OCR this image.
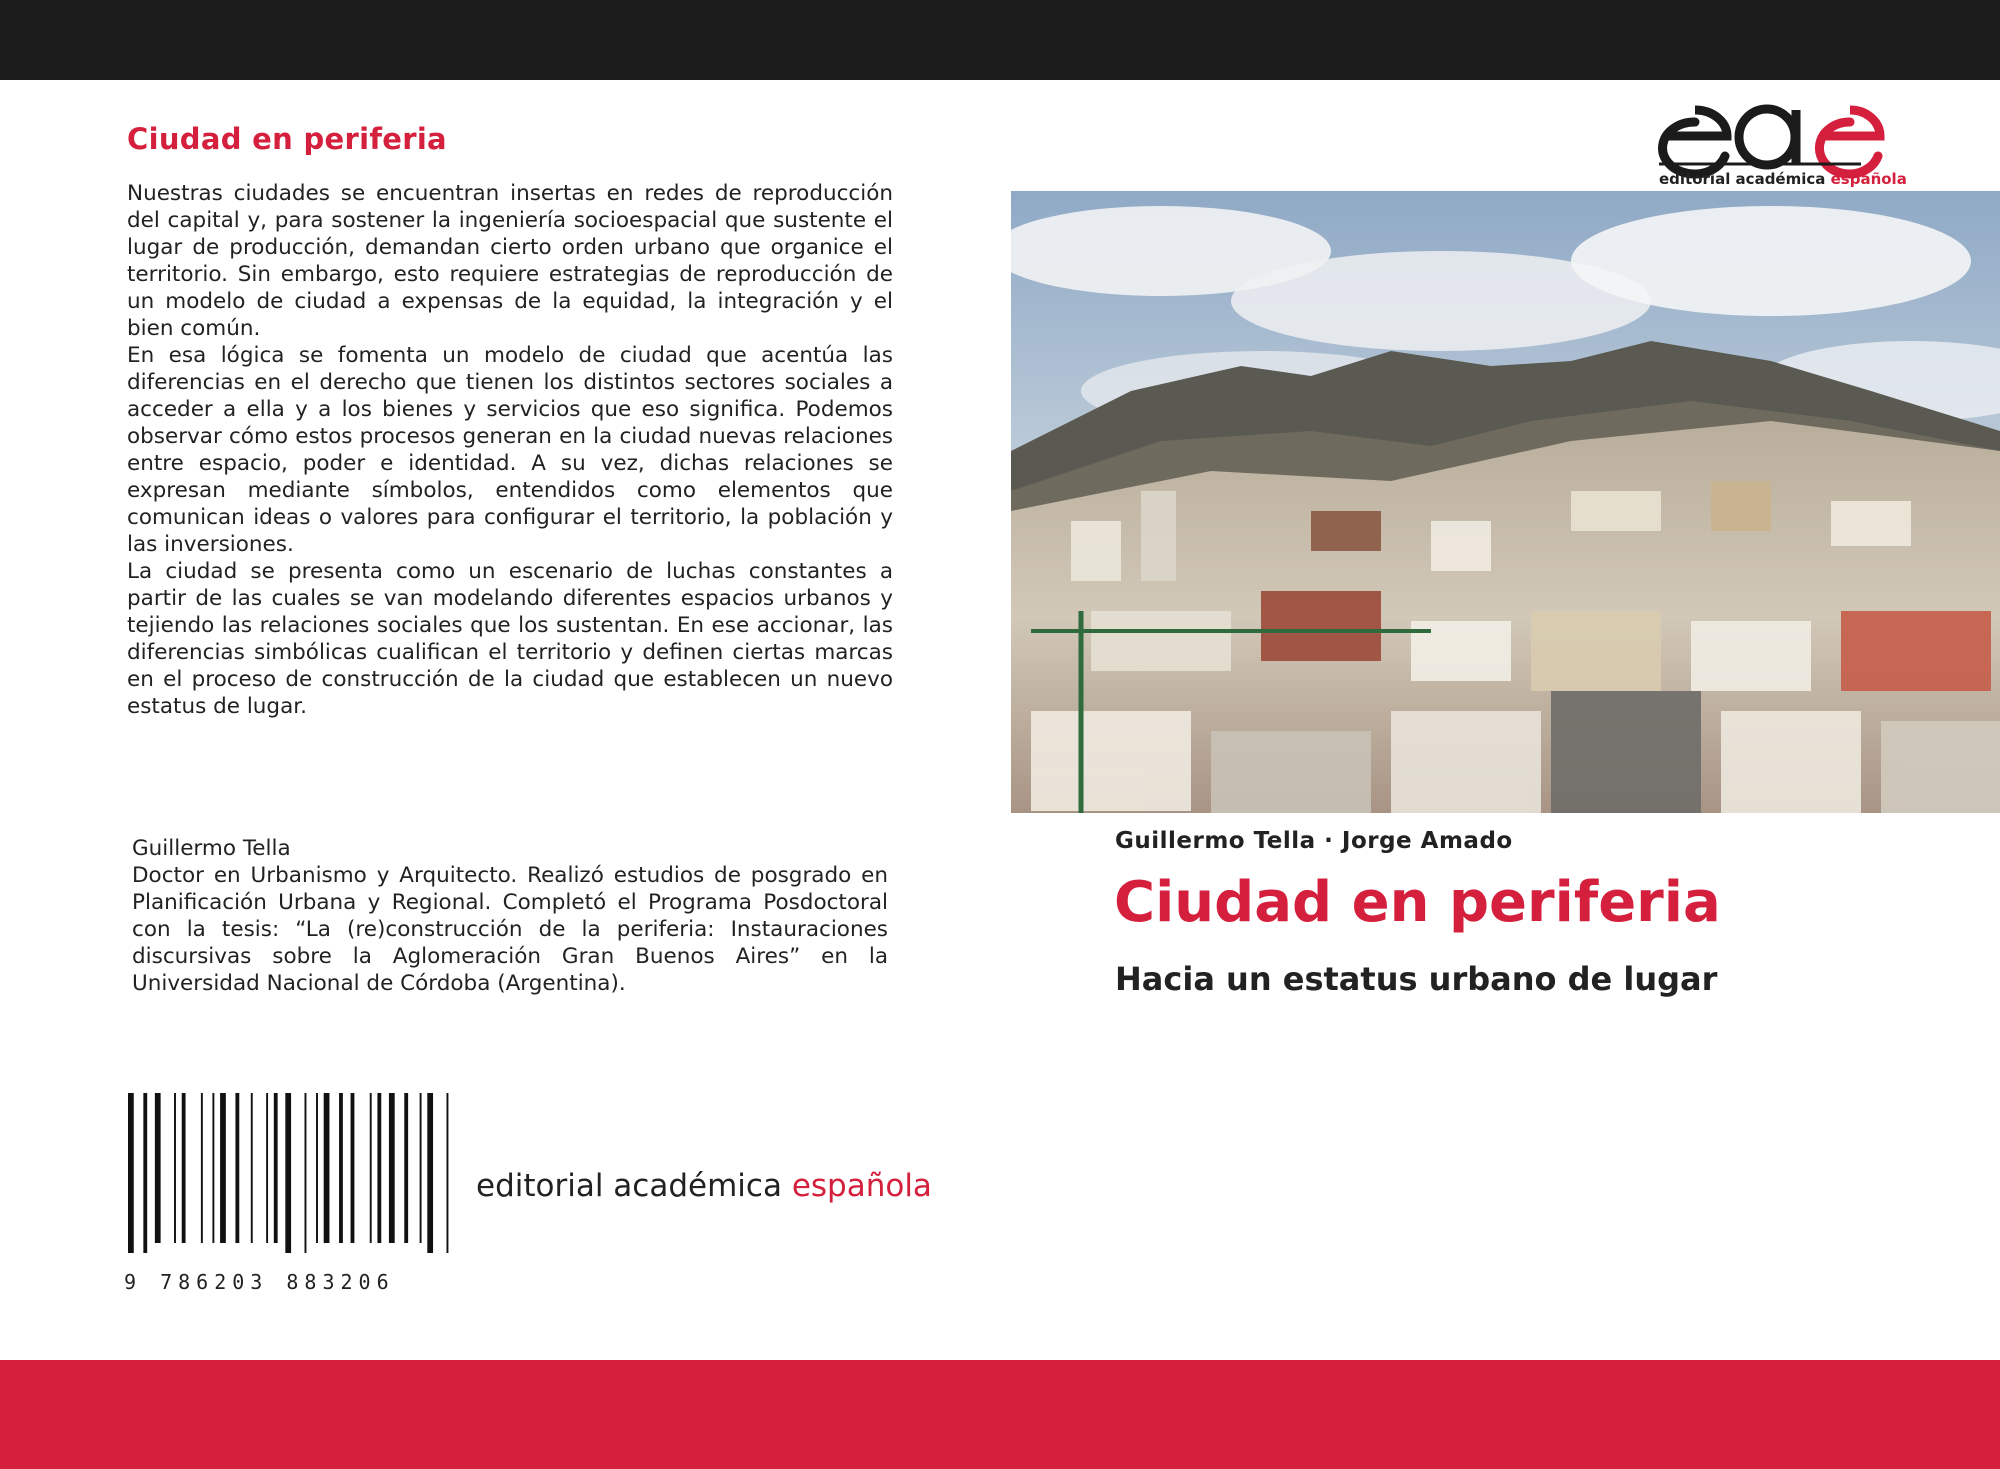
Ciudad en periferia

Nuestras ciudades se encuentran insertas en redes de reproducción del capital y, para sostener la ingeniería socioespacial que sustente el lugar de producción, demandan cierto orden urbano que organice el territorio. Sin embargo, esto requiere estrategias de reproducción de un modelo de ciudad a expensas de la equidad, la integración y el bien común.

En esa lógica se fomenta un modelo de ciudad que acentúa las diferencias en el derecho que tienen los distintos sectores sociales a acceder a ella y a los bienes y servicios que eso significa. Podemos observar cómo estos procesos generan en la ciudad nuevas relaciones entre espacio, poder e identidad. A su vez, dichas relaciones se expresan mediante símbolos, entendidos como elementos que comunican ideas o valores para configurar el territorio, la población y las inversiones.

La ciudad se presenta como un escenario de luchas constantes a partir de las cuales se van modelando diferentes espacios urbanos y tejiendo las relaciones sociales que los sustentan. En ese accionar, las diferencias simbólicas cualifican el territorio y definen ciertas marcas en el proceso de construcción de la ciudad que establecen un nuevo estatus de lugar.

Guillermo Tella
Doctor en Urbanismo y Arquitecto. Realizó estudios de posgrado en Planificación Urbana y Regional. Completó el Programa Posdoctoral con la tesis: “La (re)construcción de la periferia: Instauraciones discursivas sobre la Aglomeración Gran Buenos Aires” en la Universidad Nacional de Córdoba (Argentina).
9 786203 883206
editorial académica española
editorial académica española
Guillermo Tella · Jorge Amado
Ciudad en periferia
Hacia un estatus urbano de lugar
